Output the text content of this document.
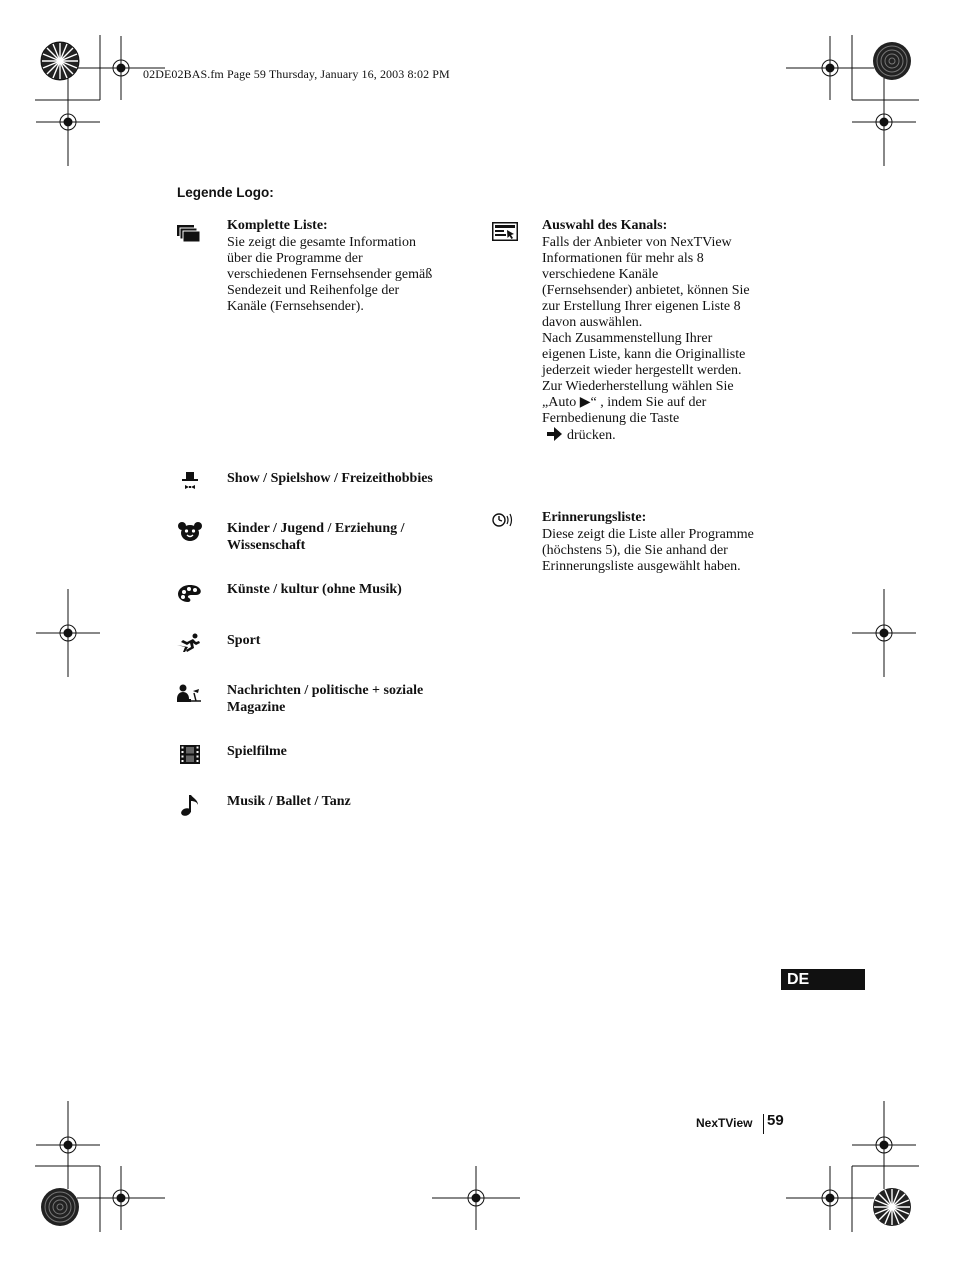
02DE02BAS.fm Page 59 Thursday, January 16, 2003 8:02 PM
Legende Logo:
Komplette Liste:
Sie zeigt die gesamte Information
über die Programme der
verschiedenen Fernsehsender gemäß
Sendezeit und Reihenfolge der
Kanäle (Fernsehsender).
Show / Spielshow / Freizeithobbies
Kinder / Jugend / Erziehung /
Wissenschaft
Künste / kultur (ohne Musik)
Sport
Nachrichten / politische + soziale
Magazine
Spielfilme
Musik / Ballet / Tanz
Auswahl des Kanals:
Falls der Anbieter von NexTView
Informationen für mehr als 8
verschiedene Kanäle
(Fernsehsender) anbietet, können Sie
zur Erstellung Ihrer eigenen Liste 8
davon auswählen.
Nach Zusammenstellung Ihrer
eigenen Liste, kann die Originalliste
jederzeit wieder hergestellt werden.
Zur Wiederherstellung wählen Sie
„Auto ▶“ , indem Sie auf der
Fernbedienung die Taste
drücken.
Erinnerungsliste:
Diese zeigt die Liste aller Programme
(höchstens 5), die Sie anhand der
Erinnerungsliste ausgewählt haben.
DE
NexTView 59
